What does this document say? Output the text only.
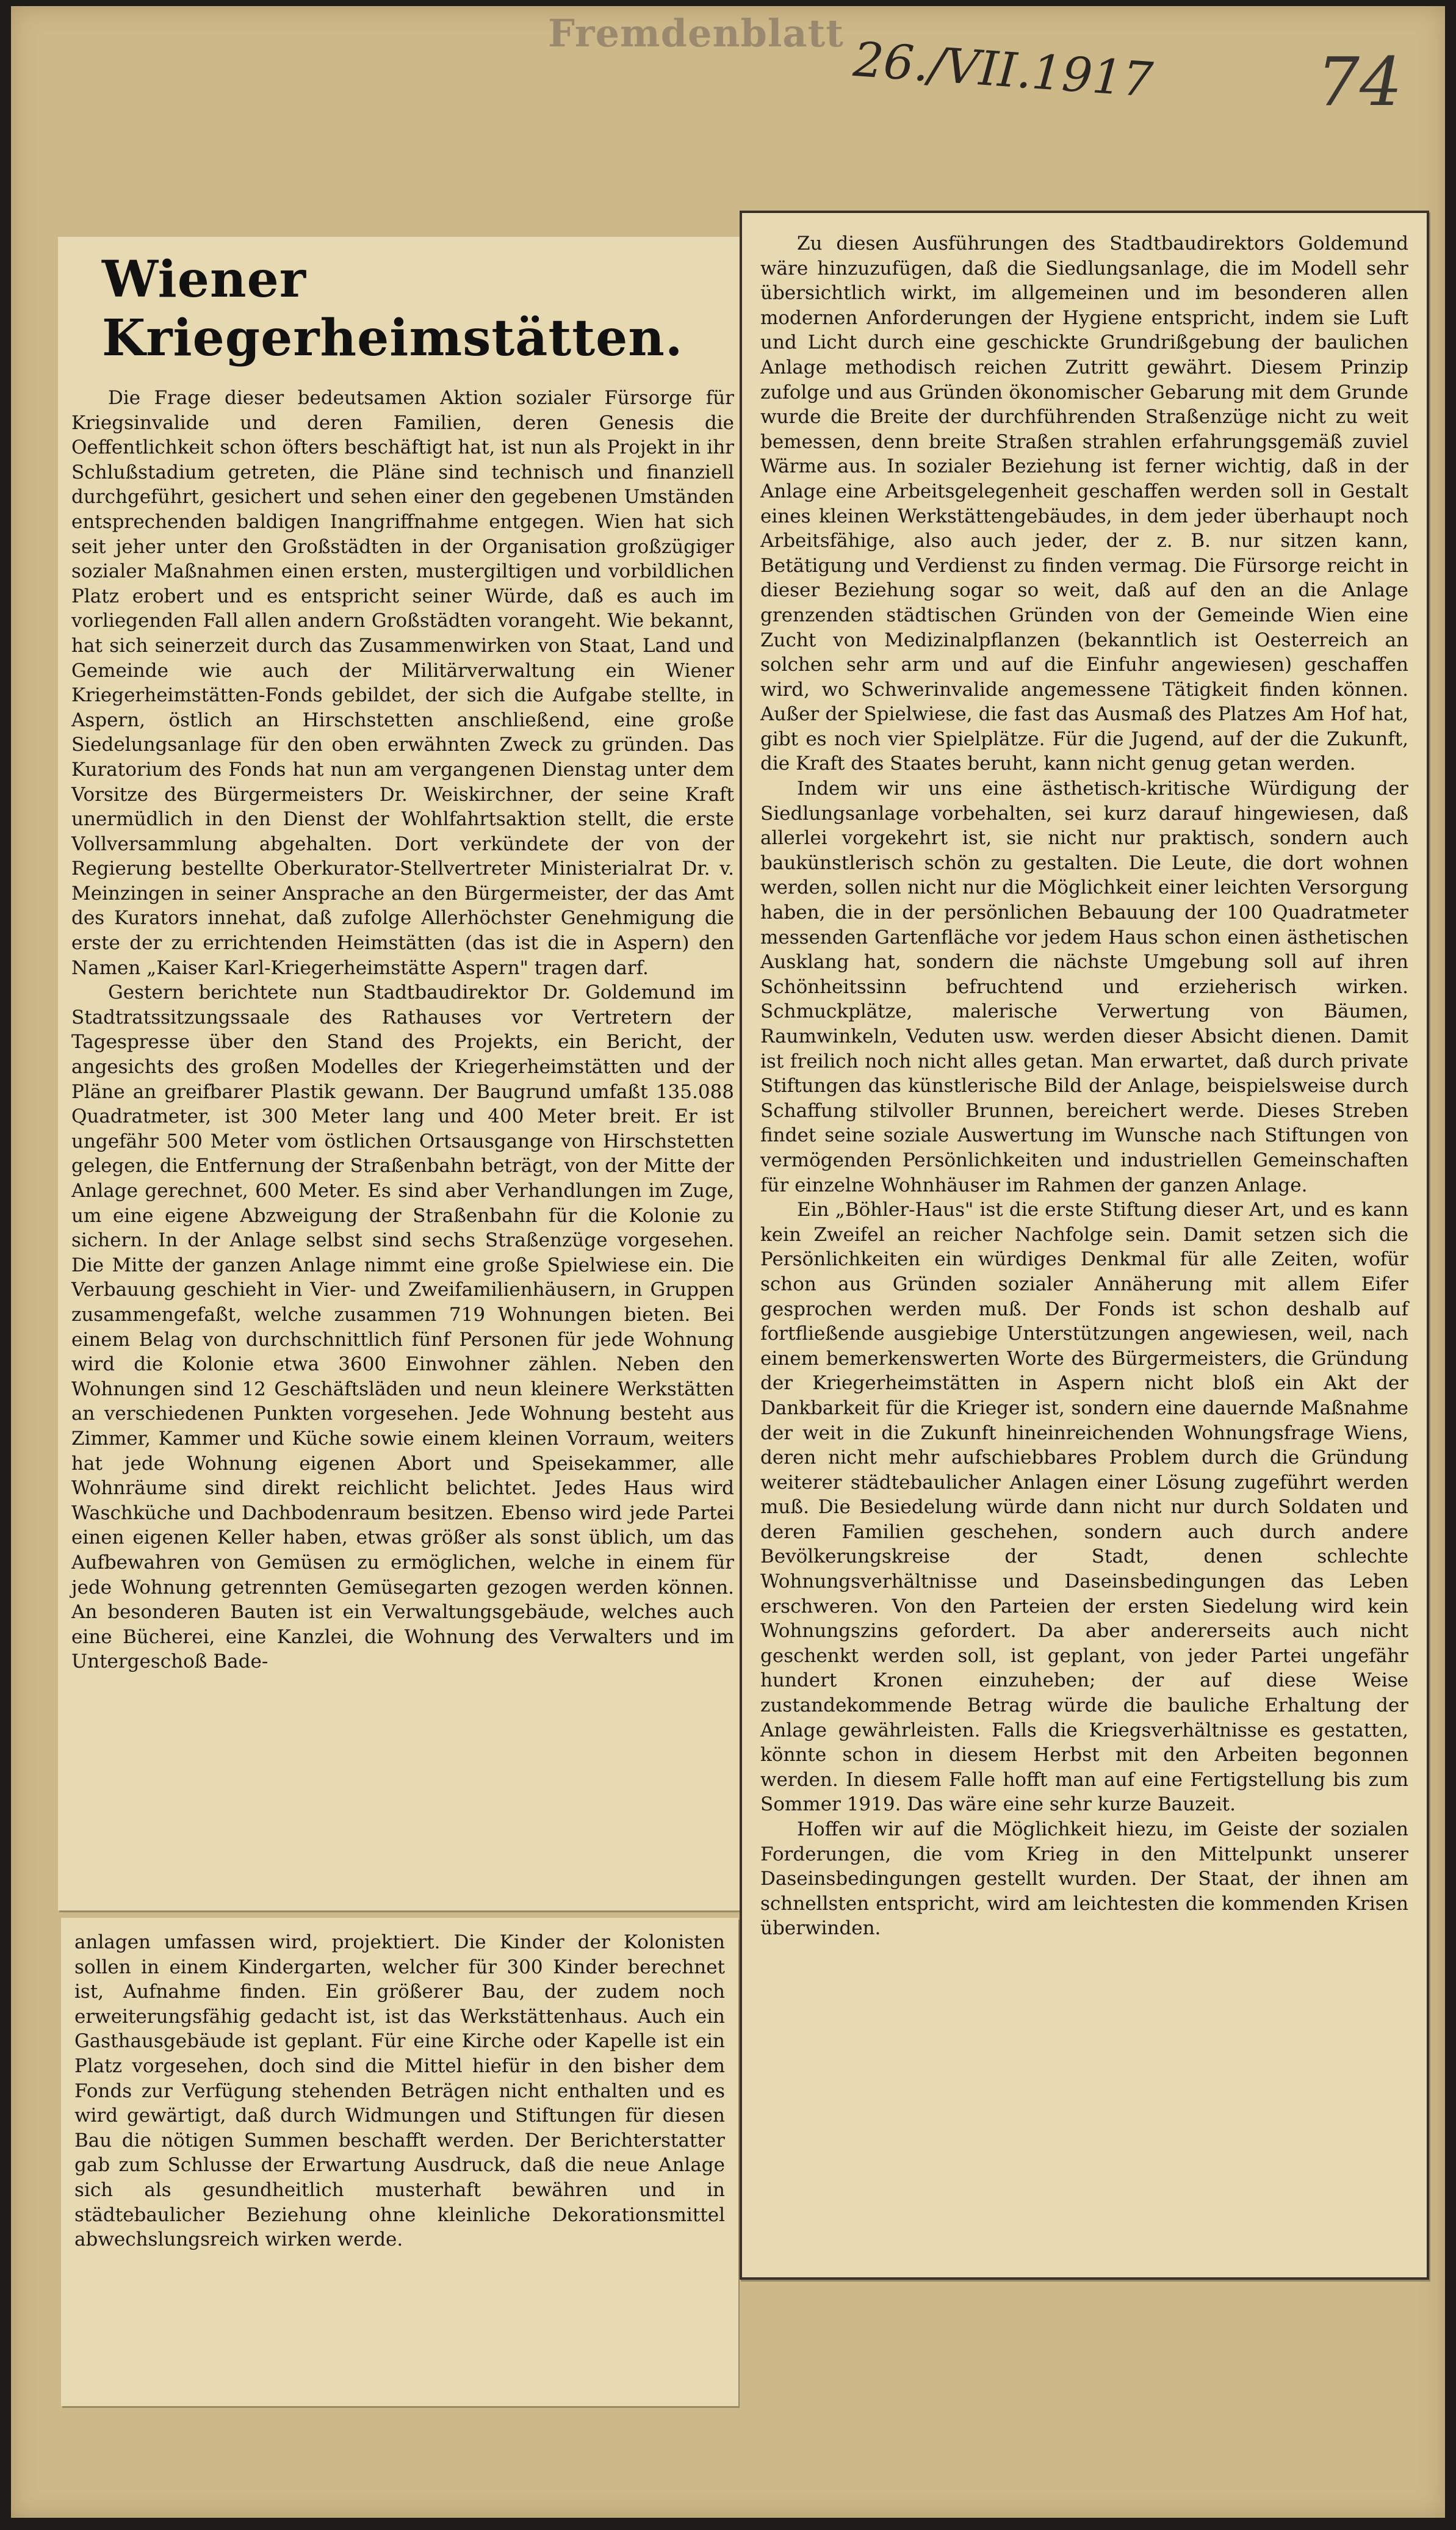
Fremdenblatt 26./VII.1917 74
Wiener Kriegerheimstätten.

Die Frage dieser bedeutsamen Aktion sozialer Fürsorge für Kriegsinvalide und deren Familien, deren Genesis die Oeffentlichkeit schon öfters beschäftigt hat, ist nun als Projekt in ihr Schlußstadium getreten, die Pläne sind technisch und finanziell durchgeführt, gesichert und sehen einer den gegebenen Umständen entsprechenden baldigen Inangriffnahme entgegen. Wien hat sich seit jeher unter den Großstädten in der Organisation großzügiger sozialer Maßnahmen einen ersten, mustergiltigen und vorbildlichen Platz erobert und es entspricht seiner Würde, daß es auch im vorliegenden Fall allen andern Großstädten vorangeht. Wie bekannt, hat sich seinerzeit durch das Zusammenwirken von Staat, Land und Gemeinde wie auch der Militärverwaltung ein Wiener Kriegerheimstätten-Fonds gebildet, der sich die Aufgabe stellte, in Aspern, östlich an Hirschstetten anschließend, eine große Siedelungsanlage für den oben erwähnten Zweck zu gründen. Das Kuratorium des Fonds hat nun am vergangenen Dienstag unter dem Vorsitze des Bürgermeisters Dr. Weiskirchner, der seine Kraft unermüdlich in den Dienst der Wohlfahrtsaktion stellt, die erste Vollversammlung abgehalten. Dort verkündete der von der Regierung bestellte Oberkurator-Stellvertreter Ministerialrat Dr. v. Meinzingen in seiner Ansprache an den Bürgermeister, der das Amt des Kurators innehat, daß zufolge Allerhöchster Genehmigung die erste der zu errichtenden Heimstätten (das ist die in Aspern) den Namen „Kaiser Karl-Kriegerheimstätte Aspern" tragen darf.

Gestern berichtete nun Stadtbaudirektor Dr. Goldemund im Stadtratssitzungssaale des Rathauses vor Vertretern der Tagespresse über den Stand des Projekts, ein Bericht, der angesichts des großen Modelles der Kriegerheimstätten und der Pläne an greifbarer Plastik gewann. Der Baugrund umfaßt 135.088 Quadratmeter, ist 300 Meter lang und 400 Meter breit. Er ist ungefähr 500 Meter vom östlichen Ortsausgange von Hirschstetten gelegen, die Entfernung der Straßenbahn beträgt, von der Mitte der Anlage gerechnet, 600 Meter. Es sind aber Verhandlungen im Zuge, um eine eigene Abzweigung der Straßenbahn für die Kolonie zu sichern. In der Anlage selbst sind sechs Straßenzüge vorgesehen. Die Mitte der ganzen Anlage nimmt eine große Spielwiese ein. Die Verbauung geschieht in Vier- und Zweifamilienhäusern, in Gruppen zusammengefaßt, welche zusammen 719 Wohnungen bieten. Bei einem Belag von durchschnittlich fünf Personen für jede Wohnung wird die Kolonie etwa 3600 Einwohner zählen. Neben den Wohnungen sind 12 Geschäftsläden und neun kleinere Werkstätten an verschiedenen Punkten vorgesehen. Jede Wohnung besteht aus Zimmer, Kammer und Küche sowie einem kleinen Vorraum, weiters hat jede Wohnung eigenen Abort und Speisekammer, alle Wohnräume sind direkt reichlicht belichtet. Jedes Haus wird Waschküche und Dachbodenraum besitzen. Ebenso wird jede Partei einen eigenen Keller haben, etwas größer als sonst üblich, um das Aufbewahren von Gemüsen zu ermöglichen, welche in einem für jede Wohnung getrennten Gemüsegarten gezogen werden können. An besonderen Bauten ist ein Verwaltungsgebäude, welches auch eine Bücherei, eine Kanzlei, die Wohnung des Verwalters und im Untergeschoß Bade-

anlagen umfassen wird, projektiert. Die Kinder der Kolonisten sollen in einem Kindergarten, welcher für 300 Kinder berechnet ist, Aufnahme finden. Ein größerer Bau, der zudem noch erweiterungsfähig gedacht ist, ist das Werkstättenhaus. Auch ein Gasthausgebäude ist geplant. Für eine Kirche oder Kapelle ist ein Platz vorgesehen, doch sind die Mittel hiefür in den bisher dem Fonds zur Verfügung stehenden Beträgen nicht enthalten und es wird gewärtigt, daß durch Widmungen und Stiftungen für diesen Bau die nötigen Summen beschafft werden. Der Berichterstatter gab zum Schlusse der Erwartung Ausdruck, daß die neue Anlage sich als gesundheitlich musterhaft bewähren und in städtebaulicher Beziehung ohne kleinliche Dekorationsmittel abwechslungsreich wirken werde.

Zu diesen Ausführungen des Stadtbaudirektors Goldemund wäre hinzuzufügen, daß die Siedlungsanlage, die im Modell sehr übersichtlich wirkt, im allgemeinen und im besonderen allen modernen Anforderungen der Hygiene entspricht, indem sie Luft und Licht durch eine geschickte Grundrißgebung der baulichen Anlage methodisch reichen Zutritt gewährt. Diesem Prinzip zufolge und aus Gründen ökonomischer Gebarung mit dem Grunde wurde die Breite der durchführenden Straßenzüge nicht zu weit bemessen, denn breite Straßen strahlen erfahrungsgemäß zuviel Wärme aus. In sozialer Beziehung ist ferner wichtig, daß in der Anlage eine Arbeitsgelegenheit geschaffen werden soll in Gestalt eines kleinen Werkstättengebäudes, in dem jeder überhaupt noch Arbeitsfähige, also auch jeder, der z. B. nur sitzen kann, Betätigung und Verdienst zu finden vermag. Die Fürsorge reicht in dieser Beziehung sogar so weit, daß auf den an die Anlage grenzenden städtischen Gründen von der Gemeinde Wien eine Zucht von Medizinalpflanzen (bekanntlich ist Oesterreich an solchen sehr arm und auf die Einfuhr angewiesen) geschaffen wird, wo Schwerinvalide angemessene Tätigkeit finden können. Außer der Spielwiese, die fast das Ausmaß des Platzes Am Hof hat, gibt es noch vier Spielplätze. Für die Jugend, auf der die Zukunft, die Kraft des Staates beruht, kann nicht genug getan werden.

Indem wir uns eine ästhetisch-kritische Würdigung der Siedlungsanlage vorbehalten, sei kurz darauf hingewiesen, daß allerlei vorgekehrt ist, sie nicht nur praktisch, sondern auch baukünstlerisch schön zu gestalten. Die Leute, die dort wohnen werden, sollen nicht nur die Möglichkeit einer leichten Versorgung haben, die in der persönlichen Bebauung der 100 Quadratmeter messenden Gartenfläche vor jedem Haus schon einen ästhetischen Ausklang hat, sondern die nächste Umgebung soll auf ihren Schönheitssinn befruchtend und erzieherisch wirken. Schmuckplätze, malerische Verwertung von Bäumen, Raumwinkeln, Veduten usw. werden dieser Absicht dienen. Damit ist freilich noch nicht alles getan. Man erwartet, daß durch private Stiftungen das künstlerische Bild der Anlage, beispielsweise durch Schaffung stilvoller Brunnen, bereichert werde. Dieses Streben findet seine soziale Auswertung im Wunsche nach Stiftungen von vermögenden Persönlichkeiten und industriellen Gemeinschaften für einzelne Wohnhäuser im Rahmen der ganzen Anlage.

Ein „Böhler-Haus" ist die erste Stiftung dieser Art, und es kann kein Zweifel an reicher Nachfolge sein. Damit setzen sich die Persönlichkeiten ein würdiges Denkmal für alle Zeiten, wofür schon aus Gründen sozialer Annäherung mit allem Eifer gesprochen werden muß. Der Fonds ist schon deshalb auf fortfließende ausgiebige Unterstützungen angewiesen, weil, nach einem bemerkenswerten Worte des Bürgermeisters, die Gründung der Kriegerheimstätten in Aspern nicht bloß ein Akt der Dankbarkeit für die Krieger ist, sondern eine dauernde Maßnahme der weit in die Zukunft hineinreichenden Wohnungsfrage Wiens, deren nicht mehr aufschiebbares Problem durch die Gründung weiterer städtebaulicher Anlagen einer Lösung zugeführt werden muß. Die Besiedelung würde dann nicht nur durch Soldaten und deren Familien geschehen, sondern auch durch andere Bevölkerungskreise der Stadt, denen schlechte Wohnungsverhältnisse und Daseinsbedingungen das Leben erschweren. Von den Parteien der ersten Siedelung wird kein Wohnungszins gefordert. Da aber andererseits auch nicht geschenkt werden soll, ist geplant, von jeder Partei ungefähr hundert Kronen einzuheben; der auf diese Weise zustandekommende Betrag würde die bauliche Erhaltung der Anlage gewährleisten. Falls die Kriegsverhältnisse es gestatten, könnte schon in diesem Herbst mit den Arbeiten begonnen werden. In diesem Falle hofft man auf eine Fertigstellung bis zum Sommer 1919. Das wäre eine sehr kurze Bauzeit.

Hoffen wir auf die Möglichkeit hiezu, im Geiste der sozialen Forderungen, die vom Krieg in den Mittelpunkt unserer Daseinsbedingungen gestellt wurden. Der Staat, der ihnen am schnellsten entspricht, wird am leichtesten die kommenden Krisen überwinden.
